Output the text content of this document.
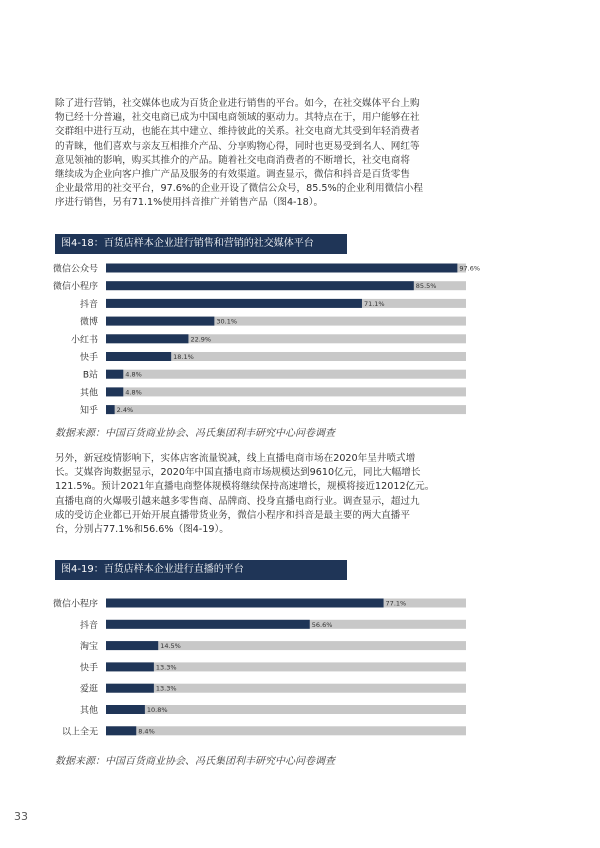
除了进行营销，社交媒体也成为百货企业进行销售的平台。如今，在社交媒体平台上购
物已经十分普遍，社交电商已成为中国电商领域的驱动力。其特点在于，用户能够在社
交群组中进行互动，也能在其中建立、维持彼此的关系。社交电商尤其受到年轻消费者
的青睐，他们喜欢与亲友互相推介产品、分享购物心得，同时也更易受到名人、网红等
意见领袖的影响，购买其推介的产品。随着社交电商消费者的不断增长，社交电商将
继续成为企业向客户推广产品及服务的有效渠道。调查显示，微信和抖音是百货零售
企业最常用的社交平台，97.6%的企业开设了微信公众号，85.5%的企业利用微信小程
序进行销售，另有71.1%使用抖音推广并销售产品（图4-18）。
图4-18：百货店样本企业进行销售和营销的社交媒体平台
微信公众号	97.6%
微信小程序	85.5%
抖音	71.1%
微博	30.1%
小红书	22.9%
快手	18.1%
B站	4.8%
其他	4.8%
知乎	2.4%
数据来源：中国百货商业协会、冯氏集团利丰研究中心问卷调查
另外，新冠疫情影响下，实体店客流量锐减，线上直播电商市场在2020年呈井喷式增
长。艾媒咨询数据显示，2020年中国直播电商市场规模达到9610亿元，同比大幅增长
121.5%。预计2021年直播电商整体规模将继续保持高速增长，规模将接近12012亿元。
直播电商的火爆吸引越来越多零售商、品牌商、投身直播电商行业。调查显示，超过九
成的受访企业都已开始开展直播带货业务，微信小程序和抖音是最主要的两大直播平
台，分别占77.1%和56.6%（图4-19）。
图4-19：百货店样本企业进行直播的平台
微信小程序	77.1%
抖音	56.6%
淘宝	14.5%
快手	13.3%
爱逛	13.3%
其他	10.8%
以上全无	8.4%
数据来源：中国百货商业协会、冯氏集团利丰研究中心问卷调查
33
